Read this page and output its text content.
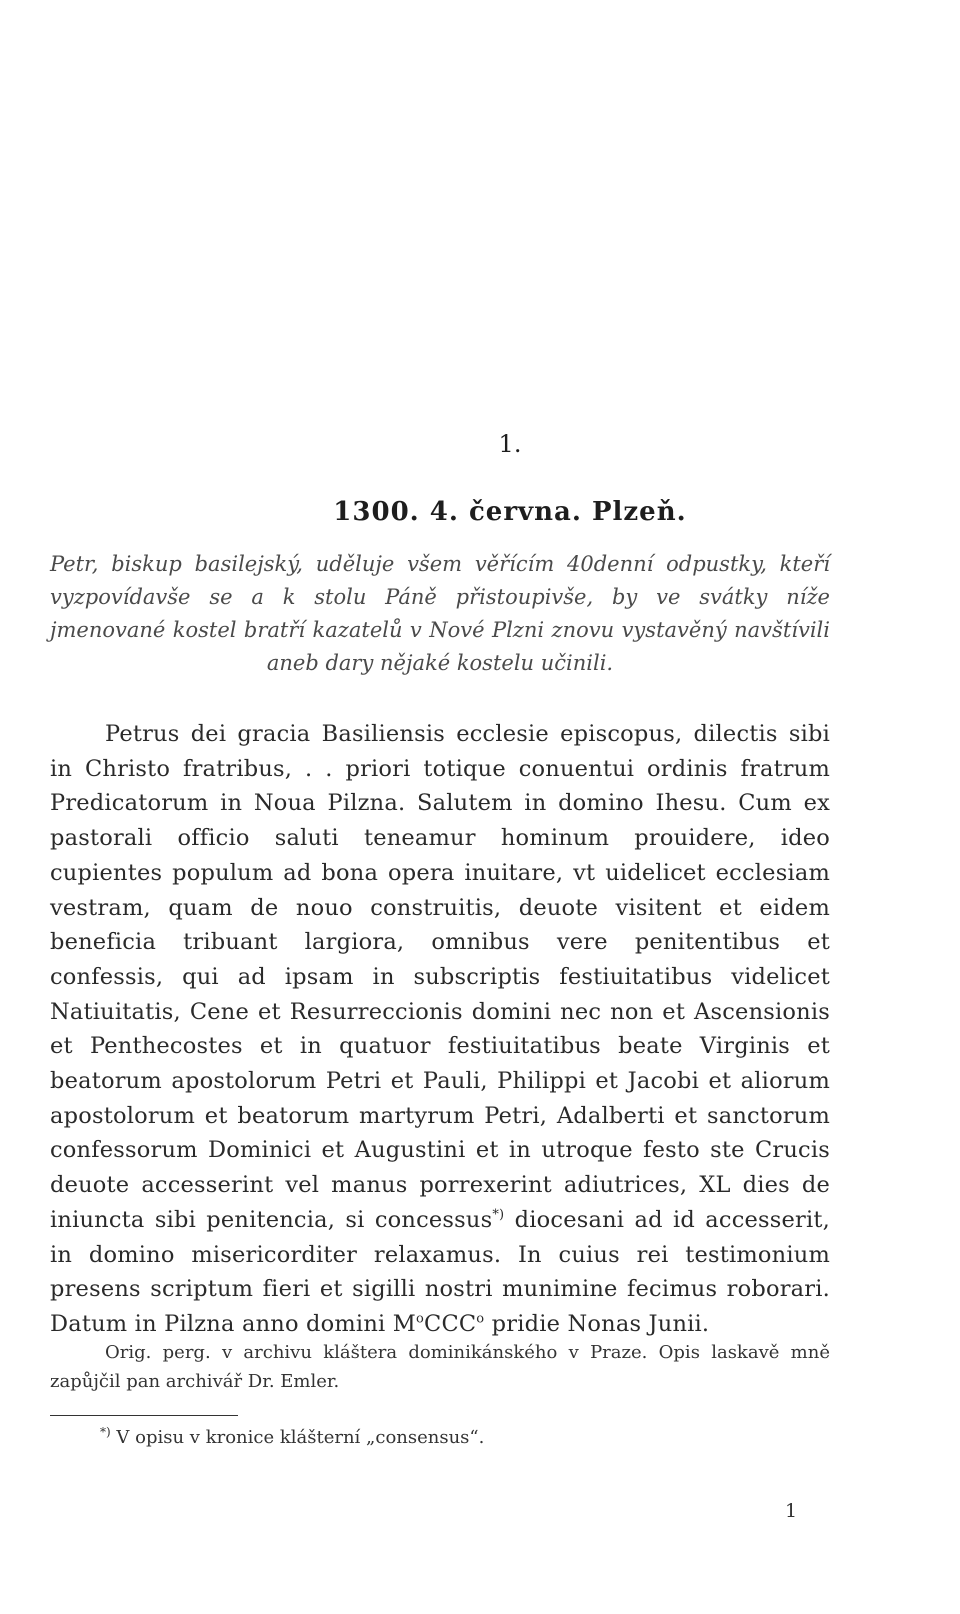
1.
1300. 4. června. Plzeň.
Petr, biskup basilejský, uděluje všem věřícím 40denní odpustky, kteří vyzpovídavše se a k stolu Páně přistoupivše, by ve svátky níže jmenované kostel bratří kazatelů v Nové Plzni znovu vystavěný navštívili aneb dary nějaké kostelu učinili.
Petrus dei gracia Basiliensis ecclesie episcopus, dilectis sibi in Christo fratribus, . . priori totique conuentui ordinis fratrum Predicatorum in Noua Pilzna. Salutem in domino Ihesu. Cum ex pastorali officio saluti teneamur hominum prouidere, ideo cupientes populum ad bona opera inuitare, vt uidelicet ecclesiam vestram, quam de nouo construitis, deuote visitent et eidem beneficia tribuant largiora, omnibus vere penitentibus et confessis, qui ad ipsam in subscriptis festiuitatibus videlicet Natiuitatis, Cene et Resurreccionis domini nec non et Ascensionis et Penthecostes et in quatuor festiuitatibus beate Virginis et beatorum apostolorum Petri et Pauli, Philippi et Jacobi et aliorum apostolorum et beatorum martyrum Petri, Adalberti et sanctorum confessorum Dominici et Augustini et in utroque festo ste Crucis deuote accesserint vel manus porrexerint adiutrices, XL dies de iniuncta sibi penitencia, si concessus*) diocesani ad id accesserit, in domino misericorditer relaxamus. In cuius rei testimonium presens scriptum fieri et sigilli nostri munimine fecimus roborari. Datum in Pilzna anno domini $M^oCCC^o$ pridie Nonas Junii.
Orig. perg. v archivu kláštera dominikánského v Praze. Opis laskavě mně zapůjčil pan archivář Dr. Emler.
*) V opisu v kronice klášterní „consensus“.
1
